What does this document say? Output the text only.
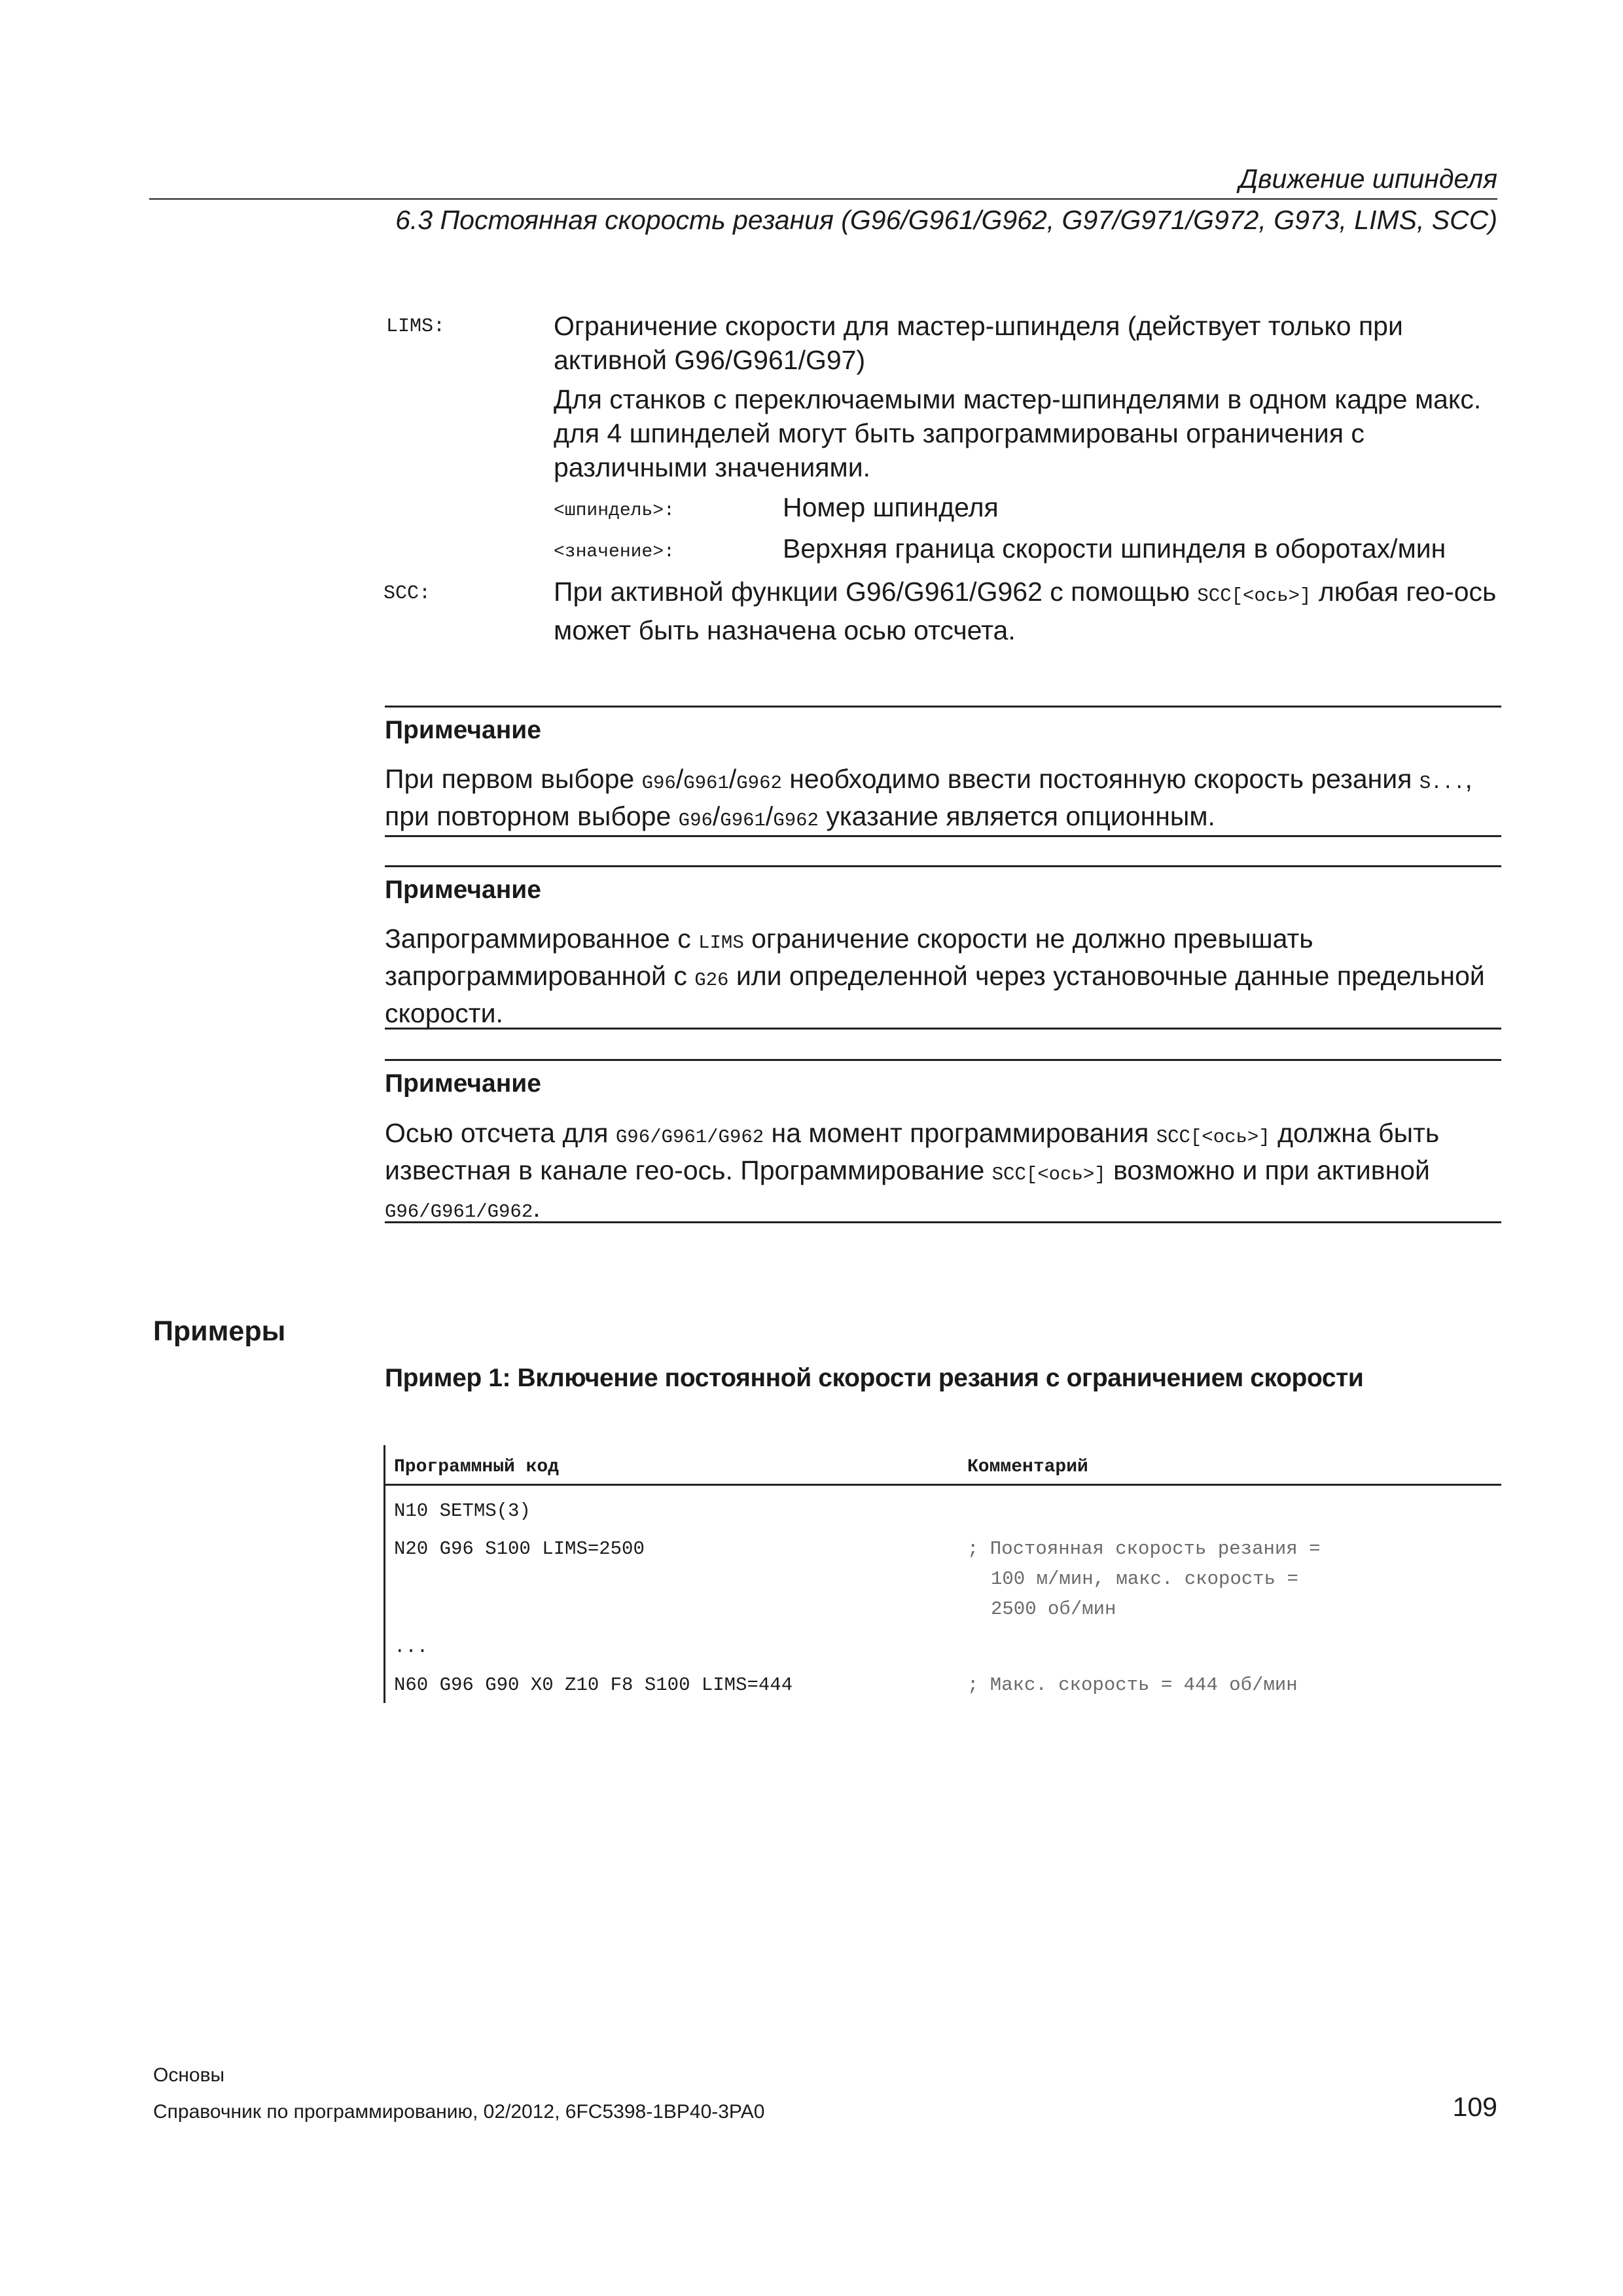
Движение шпинделя
6.3 Постоянная скорость резания (G96/G961/G962, G97/G971/G972, G973, LIMS, SCC)
LIMS:	Ограничение скорости для мастер-шпинделя (действует только при активной G96/G961/G97)
Для станков с переключаемыми мастер-шпинделями в одном кадре макс. для 4 шпинделей могут быть запрограммированы ограничения с различными значениями.
<шпиндель>:	Номер шпинделя
<значение>:	Верхняя граница скорости шпинделя в оборотах/мин
SCC:	При активной функции G96/G961/G962 с помощью SCC[<ось>] любая гео-ось может быть назначена осью отсчета.
Примечание
При первом выборе G96/G961/G962 необходимо ввести постоянную скорость резания S..., при повторном выборе G96/G961/G962 указание является опционным.
Примечание
Запрограммированное с LIMS ограничение скорости не должно превышать запрограммированной с G26 или определенной через установочные данные предельной скорости.
Примечание
Осью отсчета для G96/G961/G962 на момент программирования SCC[<ось>] должна быть известная в канале гео-ось. Программирование SCC[<ось>] возможно и при активной G96/G961/G962.
Примеры
Пример 1: Включение постоянной скорости резания с ограничением скорости
Программный код	Комментарий
N10 SETMS(3)
N20 G96 S100 LIMS=2500	; Постоянная скорость резания =
100 м/мин, макс. скорость =
2500 об/мин
...
N60 G96 G90 X0 Z10 F8 S100 LIMS=444	; Макс. скорость = 444 об/мин
Основы
Справочник по программированию, 02/2012, 6FC5398-1BP40-3PA0	109
